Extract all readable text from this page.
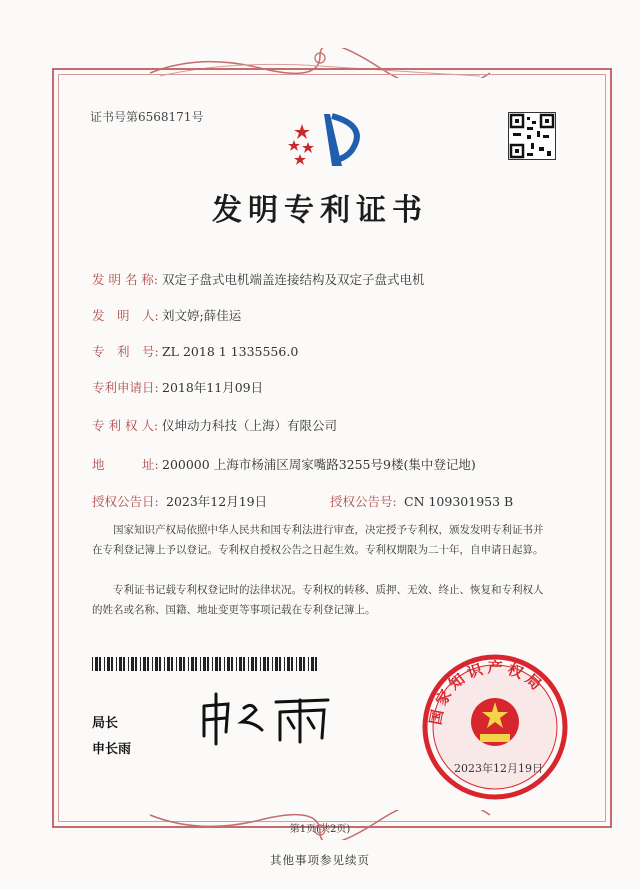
证书号第6568171号
发明专利证书
发 明 名 称: 双定子盘式电机端盖连接结构及双定子盘式电机
发　明　人: 刘文婷;薛佳运
专　利　号: ZL 2018 1 1335556.0
专利申请日: 2018年11月09日
专 利 权 人: 仪坤动力科技（上海）有限公司
地　　　址: 200000 上海市杨浦区周家嘴路3255号9楼(集中登记地)
授权公告日: 2023年12月19日	授权公告号: CN 109301953 B
国家知识产权局依照中华人民共和国专利法进行审查，决定授予专利权，颁发发明专利证书并在专利登记簿上予以登记。专利权自授权公告之日起生效。专利权期限为二十年，自申请日起算。
专利证书记载专利权登记时的法律状况。专利权的转移、质押、无效、终止、恢复和专利权人的姓名或名称、国籍、地址变更等事项记载在专利登记簿上。
局长
申长雨
国家知识产权局
2023年12月19日
第1页(共2页)
其他事项参见续页
